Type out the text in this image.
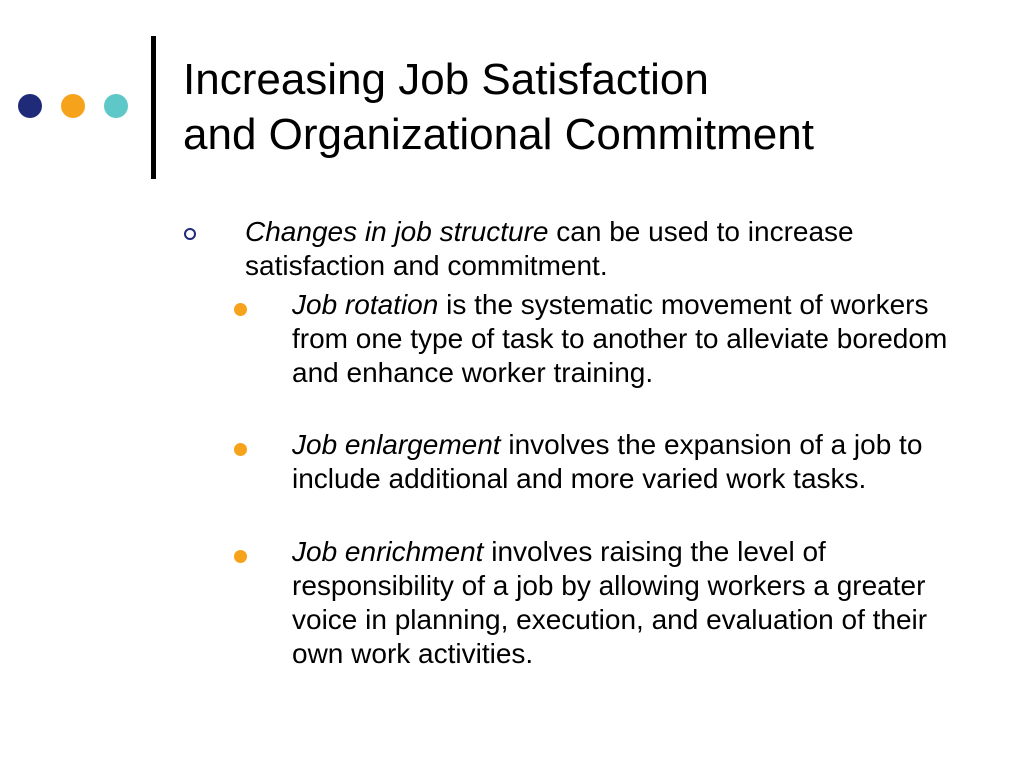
Increasing Job Satisfaction
and Organizational Commitment
Changes in job structure can be used to increase satisfaction and commitment.
Job rotation is the systematic movement of workers from one type of task to another to alleviate boredom and enhance worker training.
Job enlargement involves the expansion of a job to include additional and more varied work tasks.
Job enrichment involves raising the level of responsibility of a job by allowing workers a greater voice in planning, execution, and evaluation of their own work activities.
